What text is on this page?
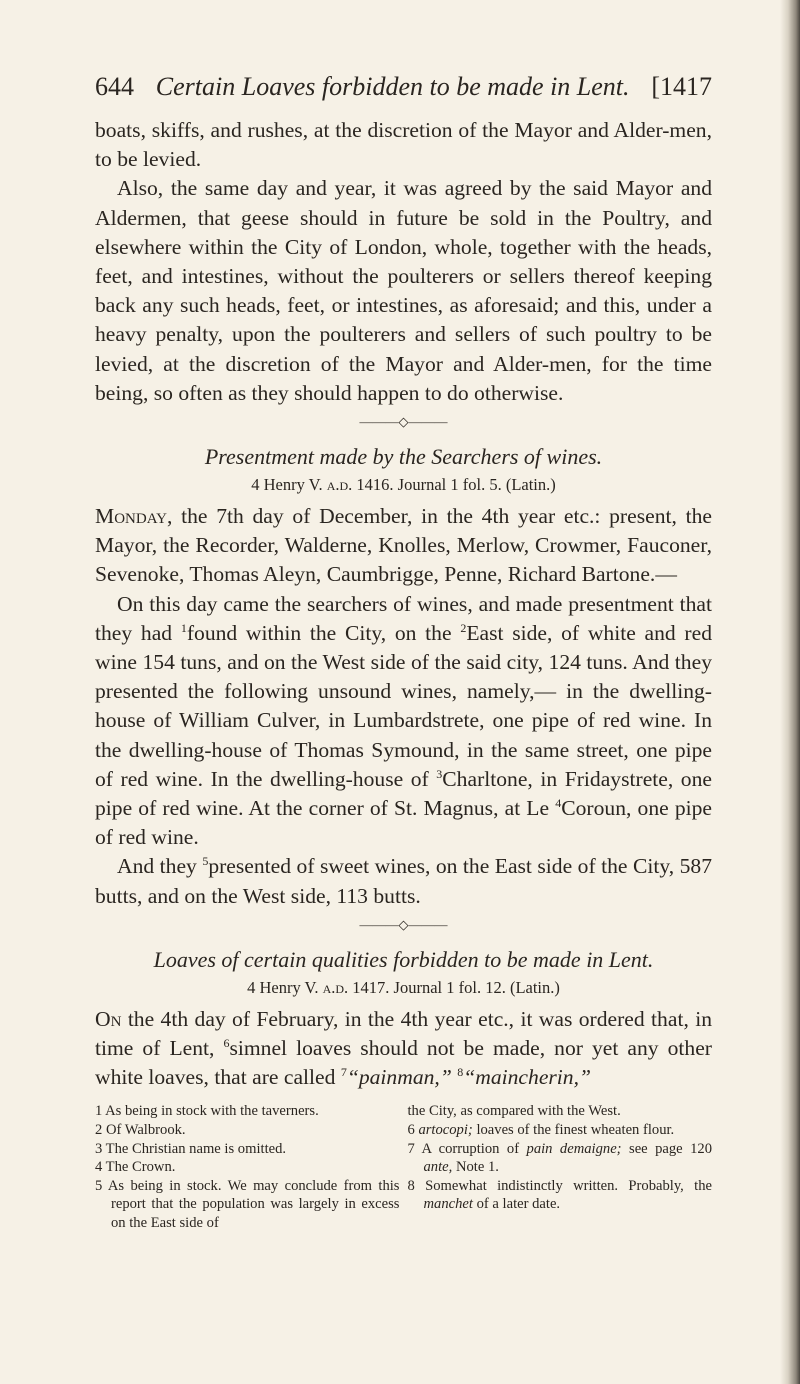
644 Certain Loaves forbidden to be made in Lent. [1417

boats, skiffs, and rushes, at the discretion of the Mayor and Alder-men, to be levied.

Also, the same day and year, it was agreed by the said Mayor and Aldermen, that geese should in future be sold in the Poultry, and elsewhere within the City of London, whole, together with the heads, feet, and intestines, without the poulterers or sellers thereof keeping back any such heads, feet, or intestines, as aforesaid; and this, under a heavy penalty, upon the poulterers and sellers of such poultry to be levied, at the discretion of the Mayor and Alder-men, for the time being, so often as they should happen to do otherwise.

———◇———
Presentment made by the Searchers of wines.
4 Henry V. a.d. 1416. Journal 1 fol. 5. (Latin.)

Monday, the 7th day of December, in the 4th year etc.: present, the Mayor, the Recorder, Walderne, Knolles, Merlow, Crowmer, Fauconer, Sevenoke, Thomas Aleyn, Caumbrigge, Penne, Richard Bartone.—

On this day came the searchers of wines, and made presentment that they had $^1$found within the City, on the $^2$East side, of white and red wine 154 tuns, and on the West side of the said city, 124 tuns. And they presented the following unsound wines, namely,— in the dwelling-house of William Culver, in Lumbardstrete, one pipe of red wine. In the dwelling-house of Thomas Symound, in the same street, one pipe of red wine. In the dwelling-house of $^3$Charltone, in Fridaystrete, one pipe of red wine. At the corner of St. Magnus, at Le $^4$Coroun, one pipe of red wine.

And they $^5$presented of sweet wines, on the East side of the City, 587 butts, and on the West side, 113 butts.

———◇———
Loaves of certain qualities forbidden to be made in Lent.
4 Henry V. a.d. 1417. Journal 1 fol. 12. (Latin.)

On the 4th day of February, in the 4th year etc., it was ordered that, in time of Lent, $^6$simnel loaves should not be made, nor yet any other white loaves, that are called $^7$“painman,” $^8$“maincherin,”

1 As being in stock with the taverners.
2 Of Walbrook.
3 The Christian name is omitted.
4 The Crown.
5 As being in stock. We may conclude from this report that the population was largely in excess on the East side of
the City, as compared with the West.
6 artocopi; loaves of the finest wheaten flour.
7 A corruption of pain demaigne; see page 120 ante, Note 1.
8 Somewhat indistinctly written. Probably, the manchet of a later date.
